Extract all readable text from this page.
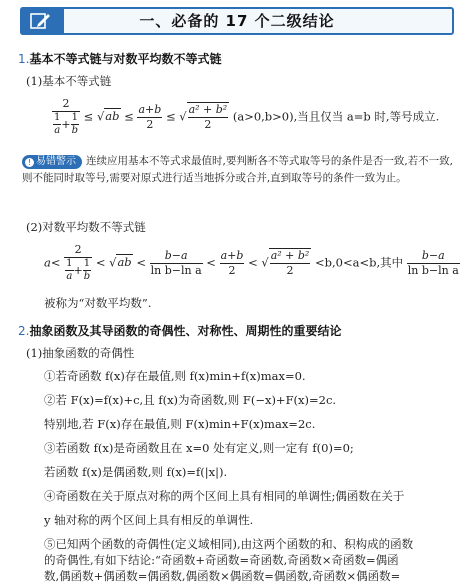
一、必备的 17 个二级结论
1.基本不等式链与对数平均数不等式链
(1)基本不等式链
$\frac{2}{\frac{1}{a} + \frac{1}{b}} \le √ab \le \frac{a+b}{2}$ ≤ √ $\frac{\text{a² + b²}}{2} (a>0,b>0)$,当且仅当 a=b 时,等号成立.
! 易错警示 连续应用基本不等式求最值时,要判断各不等式取等号的条件是否一致,若不一致,则不能同时取等号,需要对原式进行适当地拆分或合并,直到取等号的条件一致为止。
(2)对数平均数不等式链
$a< \frac{2}{\frac{1}{a} + \frac{1}{b}} < √ab < \frac{b-a}{\text{ln b−ln a}} < \frac{a+b}{2}$ < √ $\frac{\text{a² + b²}}{2} <b,0<a<b$,其中 $\frac{b-a}{\text{ln b−ln a}}$
被称为“对数平均数”.
2.抽象函数及其导函数的奇偶性、对称性、周期性的重要结论
(1)抽象函数的奇偶性
①若奇函数 f(x)存在最值,则 f(x)min+f(x)max=0.
②若 F(x)=f(x)+c,且 f(x)为奇函数,则 F(−x)+F(x)=2c.
特别地,若 F(x)存在最值,则 F(x)min+F(x)max=2c.
③若函数 f(x)是奇函数且在 x=0 处有定义,则一定有 f(0)=0;
若函数 f(x)是偶函数,则 f(x)=f(|x|).
④奇函数在关于原点对称的两个区间上具有相同的单调性;偶函数在关于
y 轴对称的两个区间上具有相反的单调性.
⑤已知两个函数的奇偶性(定义域相同),由这两个函数的和、积构成的函数
的奇偶性,有如下结论:“奇函数+奇函数=奇函数,奇函数×奇函数=偶函
数,偶函数+偶函数=偶函数,偶函数×偶函数=偶函数,奇函数×偶函数=
